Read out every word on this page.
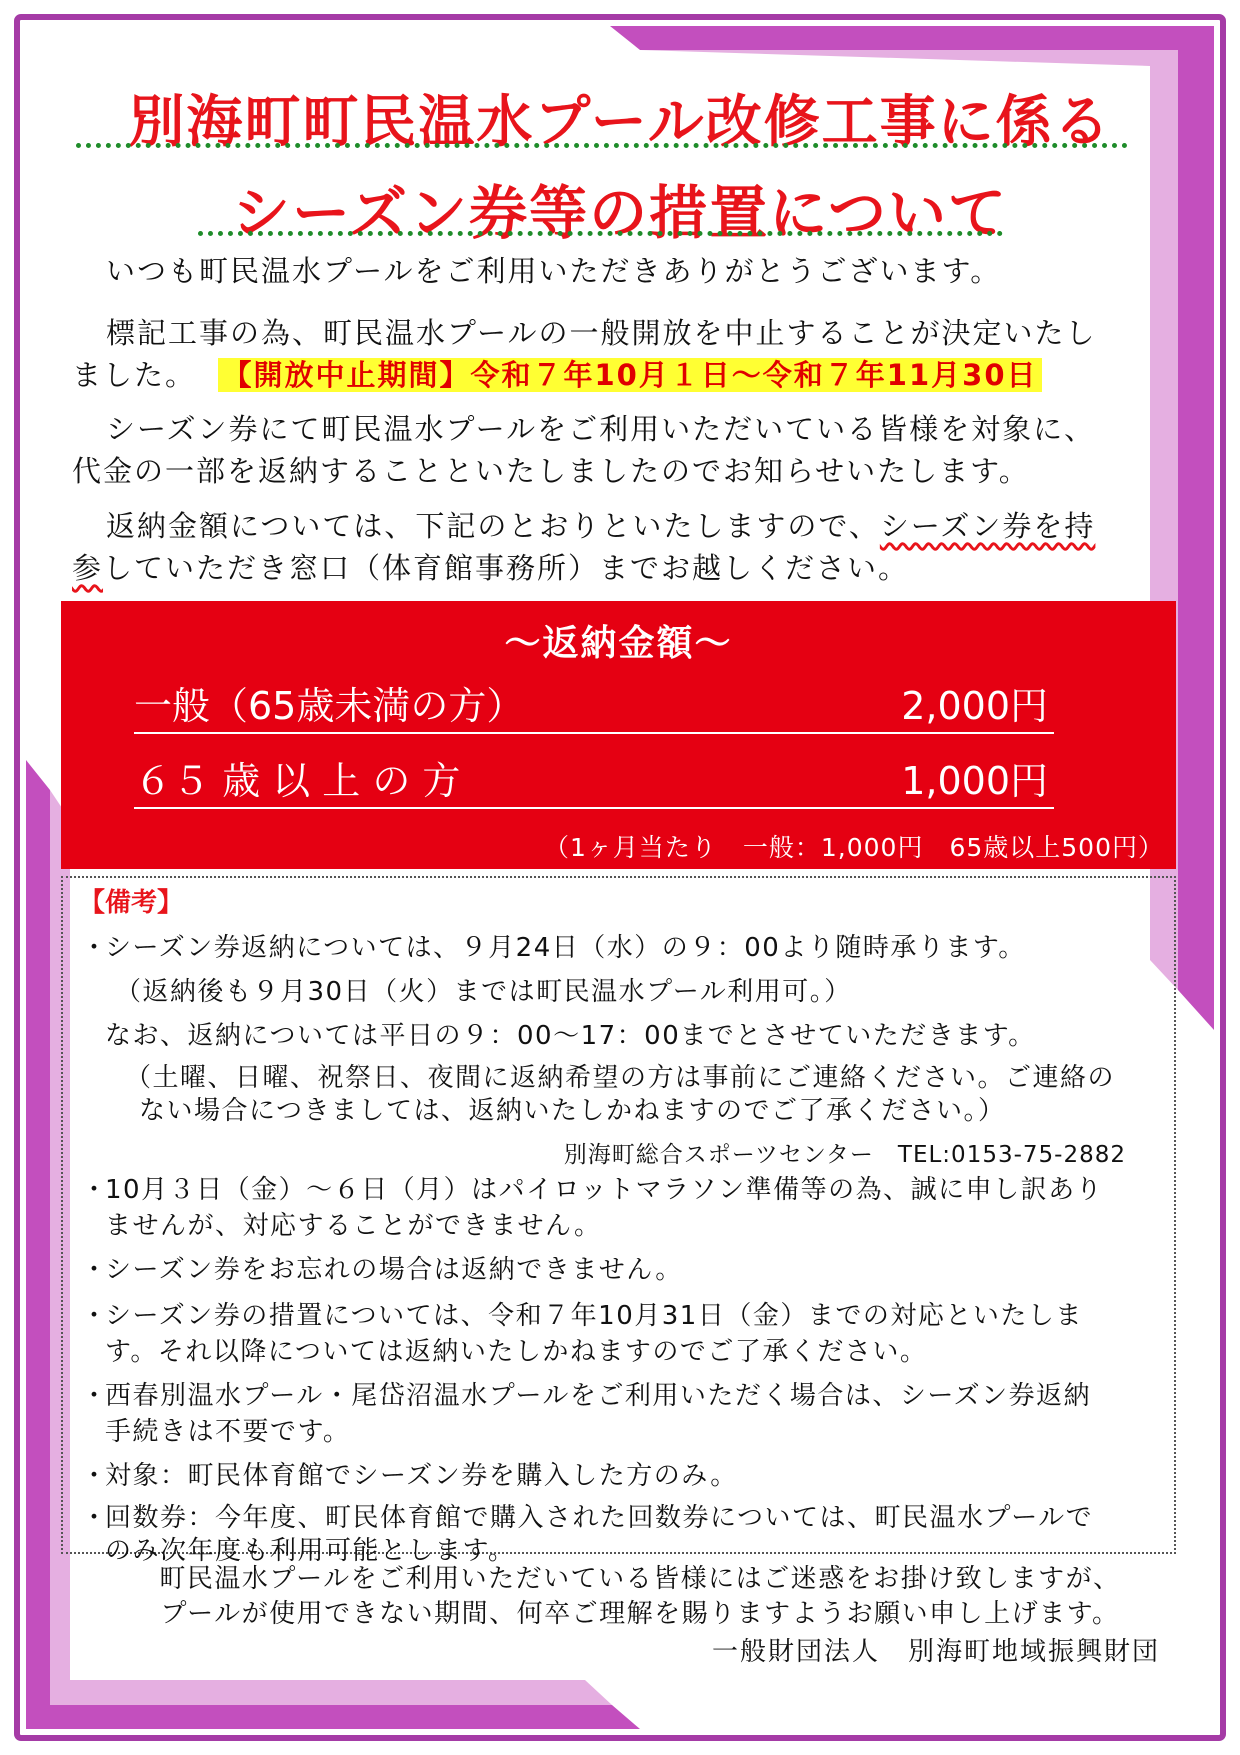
別海町町民温水プール改修工事に係る
シーズン券等の措置について
いつも町民温水プールをご利用いただきありがとうございます。
標記工事の為、町民温水プールの一般開放を中止することが決定いたし
ました。 【開放中止期間】令和７年10月１日～令和７年11月30日
シーズン券にて町民温水プールをご利用いただいている皆様を対象に、
代金の一部を返納することといたしましたのでお知らせいたします。
返納金額については、下記のとおりといたしますので、シーズン券を持
参していただき窓口（体育館事務所）までお越しください。
～返納金額～
一般（65歳未満の方）	2,000円
６５ 歳 以 上 の 方	1,000円
（1ヶ月当たり　一般：1,000円　65歳以上500円）
【備考】
・シーズン券返納については、９月24日（水）の９：00より随時承ります。
（返納後も９月30日（火）までは町民温水プール利用可。）
なお、返納については平日の９：00～17：00までとさせていただきます。
（土曜、日曜、祝祭日、夜間に返納希望の方は事前にご連絡ください。ご連絡の
ない場合につきましては、返納いたしかねますのでご了承ください。）
別海町総合スポーツセンター　TEL:0153-75-2882
・10月３日（金）～６日（月）はパイロットマラソン準備等の為、誠に申し訳あり
ませんが、対応することができません。
・シーズン券をお忘れの場合は返納できません。
・シーズン券の措置については、令和７年10月31日（金）までの対応といたしま
す。それ以降については返納いたしかねますのでご了承ください。
・西春別温水プール・尾岱沼温水プールをご利用いただく場合は、シーズン券返納
手続きは不要です。
・対象：町民体育館でシーズン券を購入した方のみ。
・回数券：今年度、町民体育館で購入された回数券については、町民温水プールで
のみ次年度も利用可能とします。
町民温水プールをご利用いただいている皆様にはご迷惑をお掛け致しますが、
プールが使用できない期間、何卒ご理解を賜りますようお願い申し上げます。
一般財団法人　別海町地域振興財団
